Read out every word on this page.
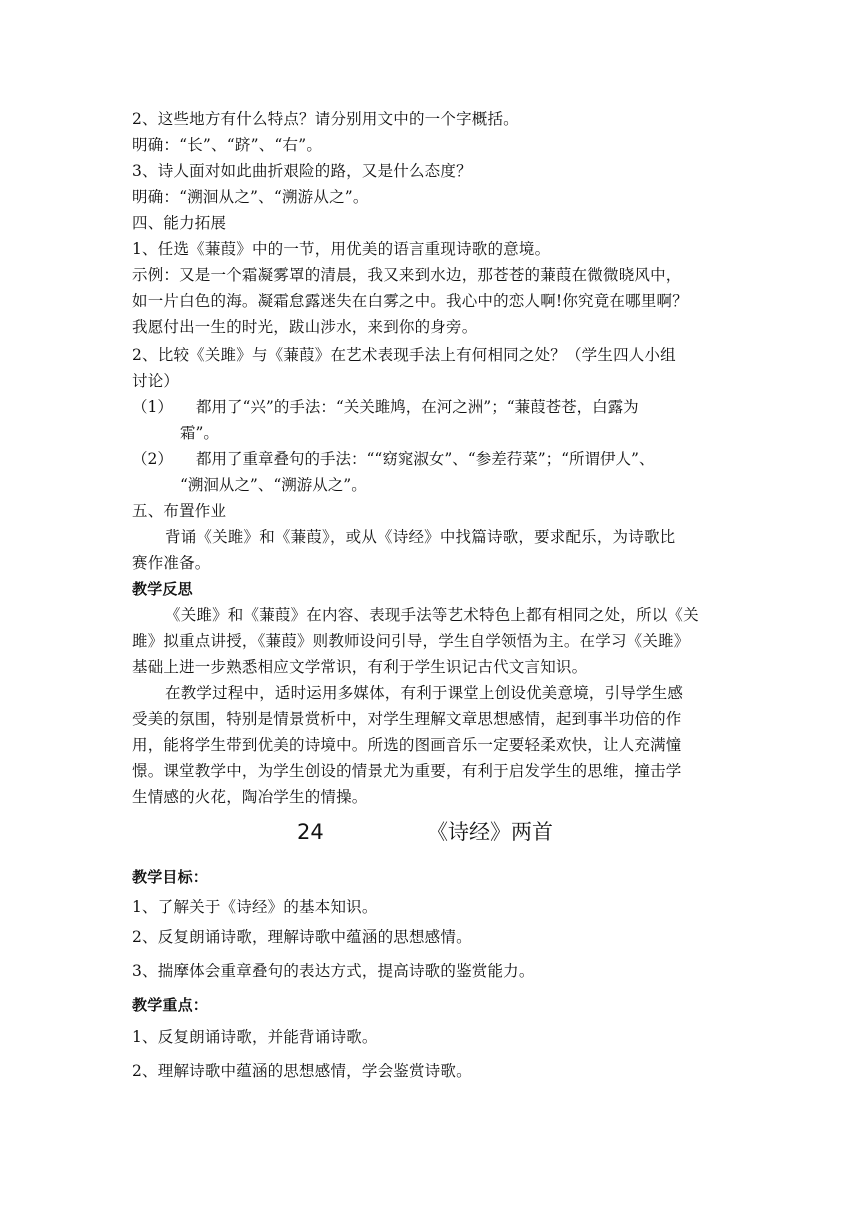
2、这些地方有什么特点？请分别用文中的一个字概括。
明确：“长”、“跻”、“右”。
3、诗人面对如此曲折艰险的路，又是什么态度？
明确：“溯洄从之”、“溯游从之”。
四、能力拓展
1、任选《蒹葭》中的一节，用优美的语言重现诗歌的意境。
示例：又是一个霜凝雾罩的清晨，我又来到水边，那苍苍的蒹葭在微微晓风中，
如一片白色的海。凝霜怠露迷失在白雾之中。我心中的恋人啊!你究竟在哪里啊？
我愿付出一生的时光，跋山涉水，来到你的身旁。
2、比较《关雎》与《蒹葭》在艺术表现手法上有何相同之处？（学生四人小组
讨论）
（1） 都用了“兴”的手法：“关关雎鸠，在河之洲”；“蒹葭苍苍，白露为
霜”。
（2） 都用了重章叠句的手法：““窈窕淑女”、“参差荇菜”；“所谓伊人”、
“溯洄从之”、“溯游从之”。
五、布置作业
背诵《关雎》和《蒹葭》，或从《诗经》中找篇诗歌，要求配乐，为诗歌比
赛作准备。
教学反思
《关雎》和《蒹葭》在内容、表现手法等艺术特色上都有相同之处，所以《关
雎》拟重点讲授，《蒹葭》则教师设问引导，学生自学领悟为主。在学习《关雎》
基础上进一步熟悉相应文学常识，有利于学生识记古代文言知识。
在教学过程中，适时运用多媒体，有利于课堂上创设优美意境，引导学生感
受美的氛围，特别是情景赏析中，对学生理解文章思想感情，起到事半功倍的作
用，能将学生带到优美的诗境中。所选的图画音乐一定要轻柔欢快，让人充满憧
憬。课堂教学中，为学生创设的情景尤为重要，有利于启发学生的思维，撞击学
生情感的火花，陶冶学生的情操。
24	《诗经》两首
教学目标：
1、了解关于《诗经》的基本知识。
2、反复朗诵诗歌，理解诗歌中蕴涵的思想感情。
3、揣摩体会重章叠句的表达方式，提高诗歌的鉴赏能力。
教学重点：
1、反复朗诵诗歌，并能背诵诗歌。
2、理解诗歌中蕴涵的思想感情，学会鉴赏诗歌。
